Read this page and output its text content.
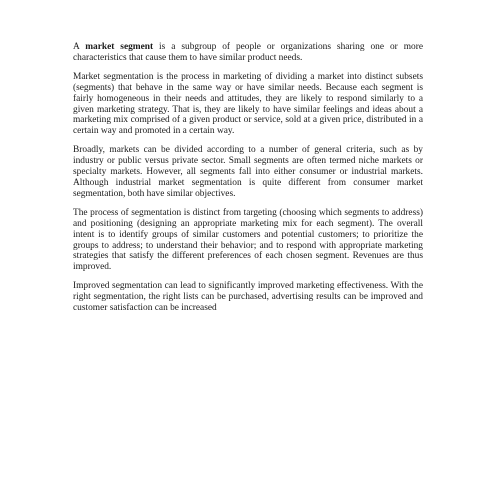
A market segment is a subgroup of people or organizations sharing one or more characteristics that cause them to have similar product needs.

Market segmentation is the process in marketing of dividing a market into distinct subsets (segments) that behave in the same way or have similar needs. Because each segment is fairly homogeneous in their needs and attitudes, they are likely to respond similarly to a given marketing strategy. That is, they are likely to have similar feelings and ideas about a marketing mix comprised of a given product or service, sold at a given price, distributed in a certain way and promoted in a certain way.

Broadly, markets can be divided according to a number of general criteria, such as by industry or public versus private sector. Small segments are often termed niche markets or specialty markets. However, all segments fall into either consumer or industrial markets. Although industrial market segmentation is quite different from consumer market segmentation, both have similar objectives.

The process of segmentation is distinct from targeting (choosing which segments to address) and positioning (designing an appropriate marketing mix for each segment). The overall intent is to identify groups of similar customers and potential customers; to prioritize the groups to address; to understand their behavior; and to respond with appropriate marketing strategies that satisfy the different preferences of each chosen segment. Revenues are thus improved.

Improved segmentation can lead to significantly improved marketing effectiveness. With the right segmentation, the right lists can be purchased, advertising results can be improved and customer satisfaction can be increased
